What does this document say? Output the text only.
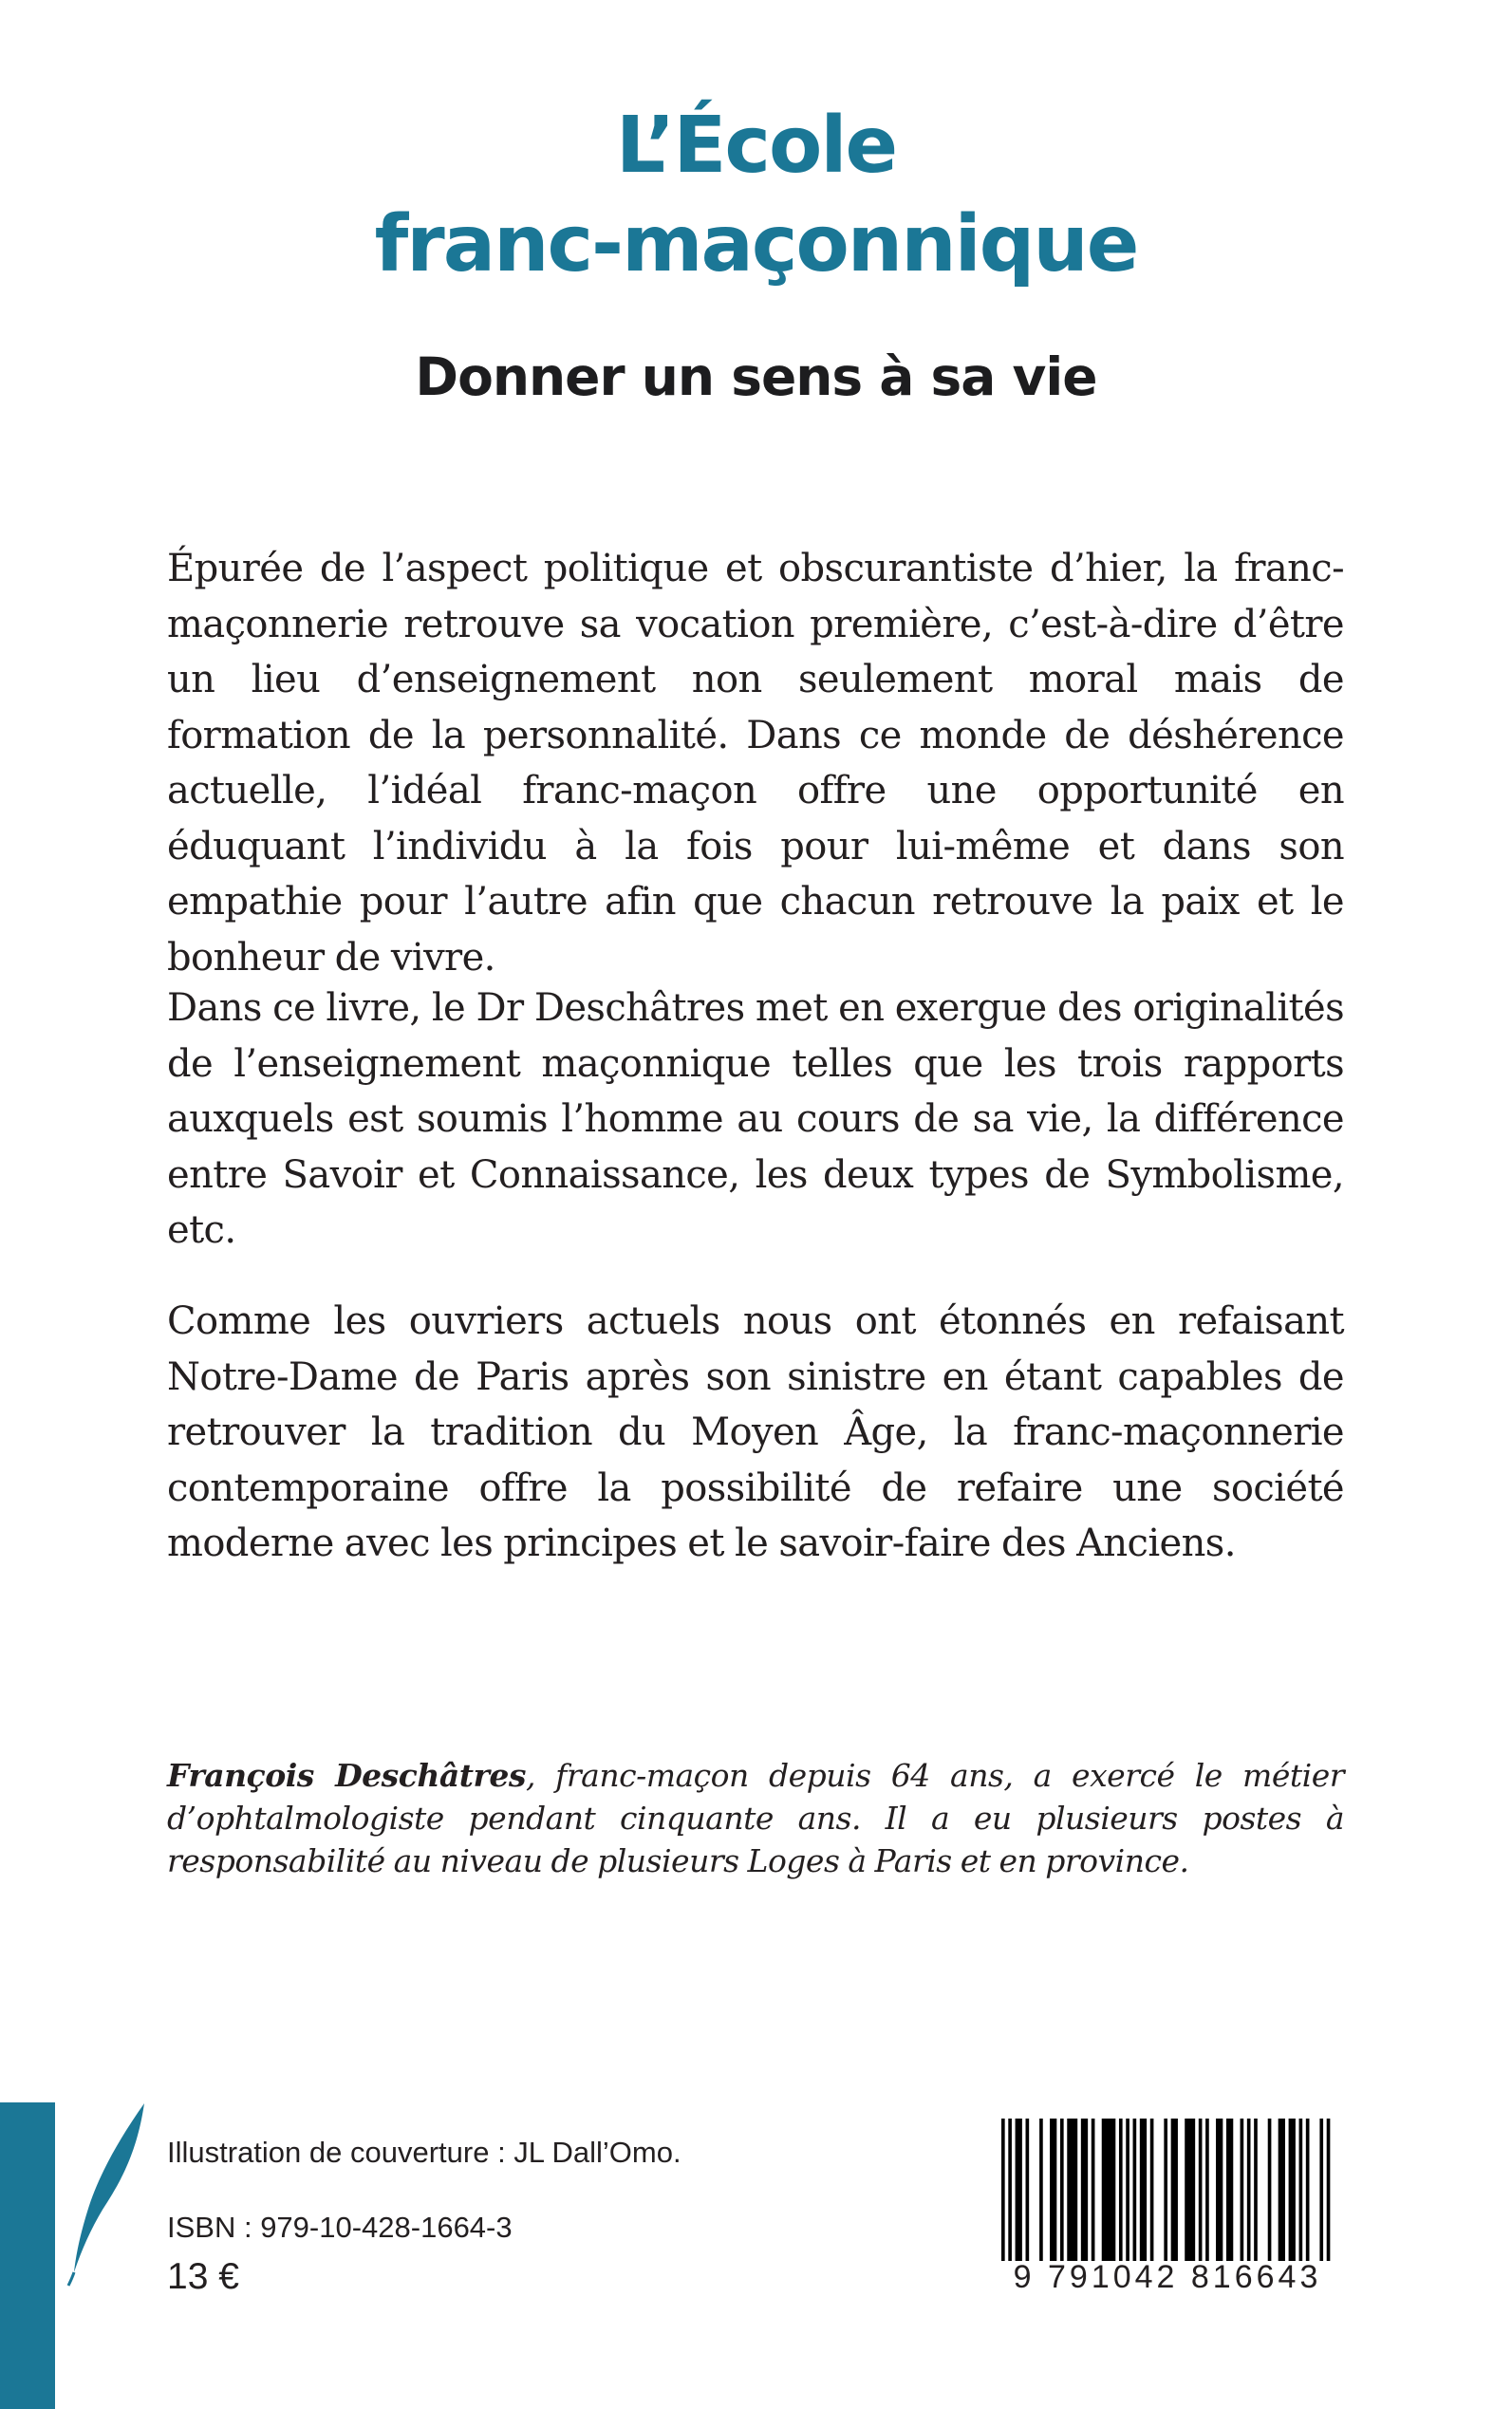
L’École
franc-maçonnique
Donner un sens à sa vie

Épurée de l’aspect politique et obscurantiste d’hier, la franc-maçonnerie retrouve sa vocation première, c’est-à-dire d’être un lieu d’enseignement non seulement moral mais de formation de la personnalité. Dans ce monde de déshérence actuelle, l’idéal franc-maçon offre une opportunité en éduquant l’individu à la fois pour lui-même et dans son empathie pour l’autre afin que chacun retrouve la paix et le bonheur de vivre.

Dans ce livre, le Dr Deschâtres met en exergue des originalités de l’enseignement maçonnique telles que les trois rapports auxquels est soumis l’homme au cours de sa vie, la différence entre Savoir et Connaissance, les deux types de Symbolisme, etc.

Comme les ouvriers actuels nous ont étonnés en refaisant Notre-Dame de Paris après son sinistre en étant capables de retrouver la tradition du Moyen Âge, la franc-maçonnerie contemporaine offre la possibilité de refaire une société moderne avec les principes et le savoir-faire des Anciens.

François Deschâtres, franc-maçon depuis 64 ans, a exercé le métier d’ophtalmologiste pendant cinquante ans. Il a eu plusieurs postes à responsabilité au niveau de plusieurs Loges à Paris et en province.

Illustration de couverture : JL Dall’Omo.
ISBN : 979-10-428-1664-3
13 €	9 791042 816643
